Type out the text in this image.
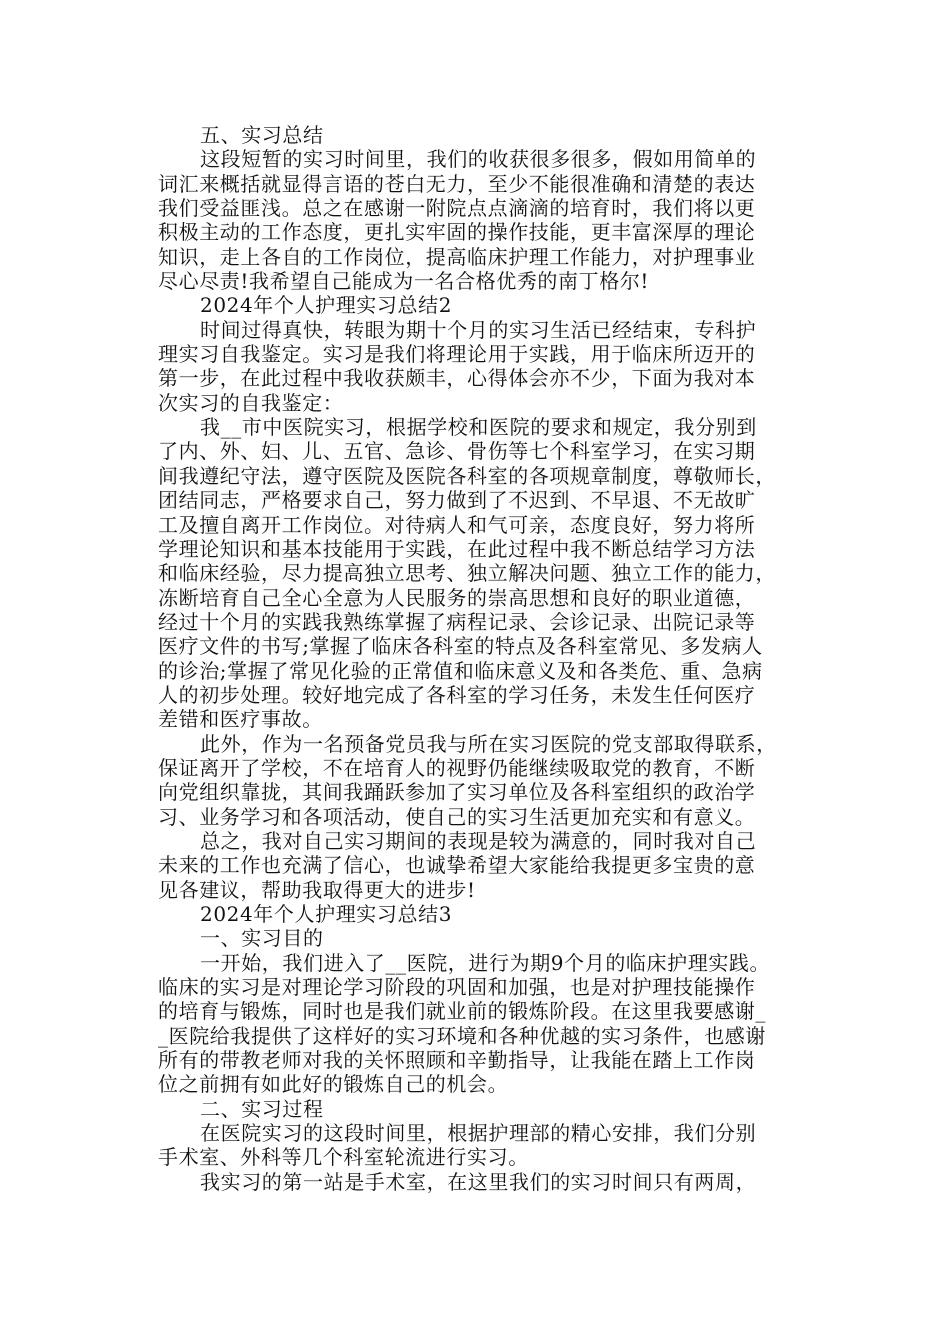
五、实习总结
这段短暂的实习时间里，我们的收获很多很多，假如用简单的
词汇来概括就显得言语的苍白无力，至少不能很准确和清楚的表达
我们受益匪浅。总之在感谢一附院点点滴滴的培育时，我们将以更
积极主动的工作态度，更扎实牢固的操作技能，更丰富深厚的理论
知识，走上各自的工作岗位，提高临床护理工作能力，对护理事业
尽心尽责!我希望自己能成为一名合格优秀的南丁格尔!
2024年个人护理实习总结2
时间过得真快，转眼为期十个月的实习生活已经结束，专科护
理实习自我鉴定。实习是我们将理论用于实践，用于临床所迈开的
第一步，在此过程中我收获颇丰，心得体会亦不少，下面为我对本
次实习的自我鉴定：
我__市中医院实习，根据学校和医院的要求和规定，我分别到
了内、外、妇、儿、五官、急诊、骨伤等七个科室学习，在实习期
间我遵纪守法，遵守医院及医院各科室的各项规章制度，尊敬师长，
团结同志，严格要求自己，努力做到了不迟到、不早退、不无故旷
工及擅自离开工作岗位。对待病人和气可亲，态度良好，努力将所
学理论知识和基本技能用于实践，在此过程中我不断总结学习方法
和临床经验，尽力提高独立思考、独立解决问题、独立工作的能力，
冻断培育自己全心全意为人民服务的崇高思想和良好的职业道德，
经过十个月的实践我熟练掌握了病程记录、会诊记录、出院记录等
医疗文件的书写;掌握了临床各科室的特点及各科室常见、多发病人
的诊治;掌握了常见化验的正常值和临床意义及和各类危、重、急病
人的初步处理。较好地完成了各科室的学习任务，未发生任何医疗
差错和医疗事故。
此外，作为一名预备党员我与所在实习医院的党支部取得联系，
保证离开了学校，不在培育人的视野仍能继续吸取党的教育，不断
向党组织靠拢，其间我踊跃参加了实习单位及各科室组织的政治学
习、业务学习和各项活动，使自己的实习生活更加充实和有意义。
总之，我对自己实习期间的表现是较为满意的，同时我对自己
未来的工作也充满了信心，也诚挚希望大家能给我提更多宝贵的意
见各建议，帮助我取得更大的进步!
2024年个人护理实习总结3
一、实习目的
一开始，我们进入了__医院，进行为期9个月的临床护理实践。
临床的实习是对理论学习阶段的巩固和加强，也是对护理技能操作
的培育与锻炼，同时也是我们就业前的锻炼阶段。在这里我要感谢_
_医院给我提供了这样好的实习环境和各种优越的实习条件，也感谢
所有的带教老师对我的关怀照顾和辛勤指导，让我能在踏上工作岗
位之前拥有如此好的锻炼自己的机会。
二、实习过程
在医院实习的这段时间里，根据护理部的精心安排，我们分别
手术室、外科等几个科室轮流进行实习。
我实习的第一站是手术室，在这里我们的实习时间只有两周，
